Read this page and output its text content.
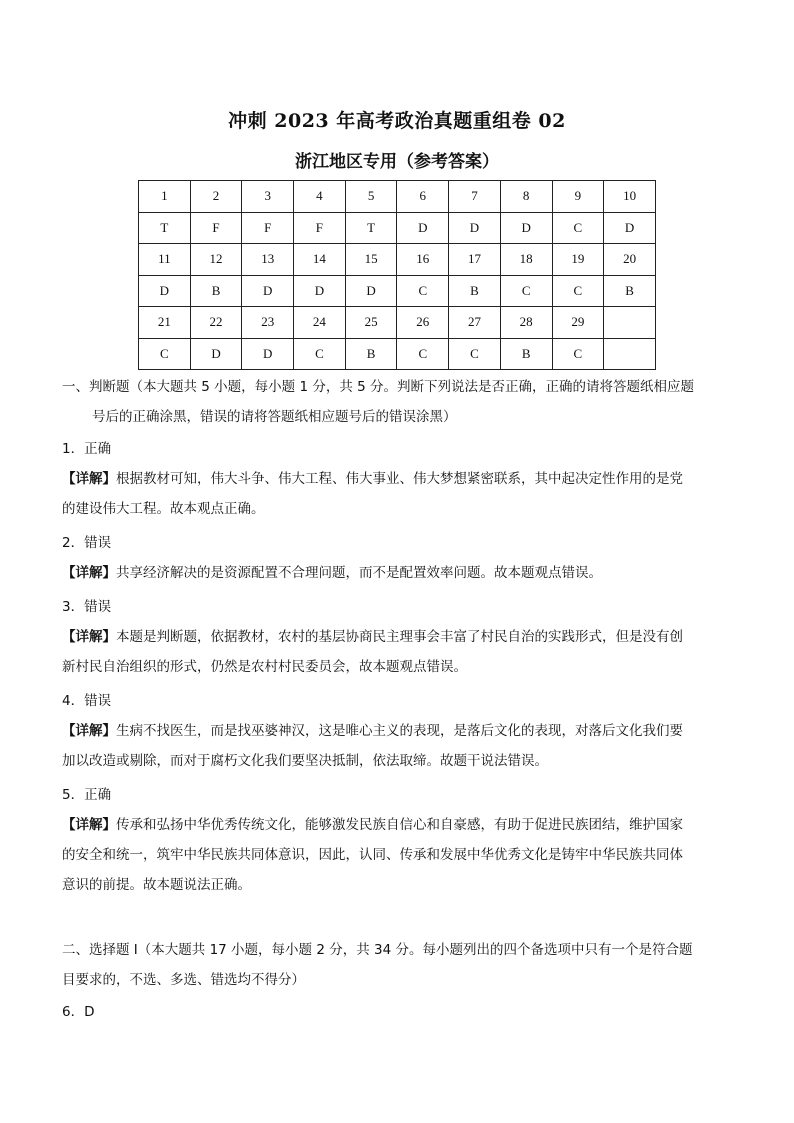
冲刺 2023 年高考政治真题重组卷 02
浙江地区专用（参考答案）
1	2	3	4	5	6	7	8	9	10
T	F	F	F	T	D	D	D	C	D
11	12	13	14	15	16	17	18	19	20
D	B	D	D	D	C	B	C	C	B
21	22	23	24	25	26	27	28	29	
C	D	D	C	B	C	C	B	C	

一、判断题（本大题共 5 小题，每小题 1 分，共 5 分。判断下列说法是否正确，正确的请将答题纸相应题

号后的正确涂黑，错误的请将答题纸相应题号后的错误涂黑）

1．正确

【详解】根据教材可知，伟大斗争、伟大工程、伟大事业、伟大梦想紧密联系，其中起决定性作用的是党

的建设伟大工程。故本观点正确。

2．错误

【详解】共享经济解决的是资源配置不合理问题，而不是配置效率问题。故本题观点错误。

3．错误

【详解】本题是判断题，依据教材，农村的基层协商民主理事会丰富了村民自治的实践形式，但是没有创

新村民自治组织的形式，仍然是农村村民委员会，故本题观点错误。

4．错误

【详解】生病不找医生，而是找巫婆神汉，这是唯心主义的表现，是落后文化的表现，对落后文化我们要

加以改造或剔除，而对于腐朽文化我们要坚决抵制，依法取缔。故题干说法错误。

5．正确

【详解】传承和弘扬中华优秀传统文化，能够激发民族自信心和自豪感，有助于促进民族团结，维护国家

的安全和统一，筑牢中华民族共同体意识，因此，认同、传承和发展中华优秀文化是铸牢中华民族共同体

意识的前提。故本题说法正确。

二、选择题 I（本大题共 17 小题，每小题 2 分，共 34 分。每小题列出的四个备选项中只有一个是符合题

目要求的，不选、多选、错选均不得分）

6．D
